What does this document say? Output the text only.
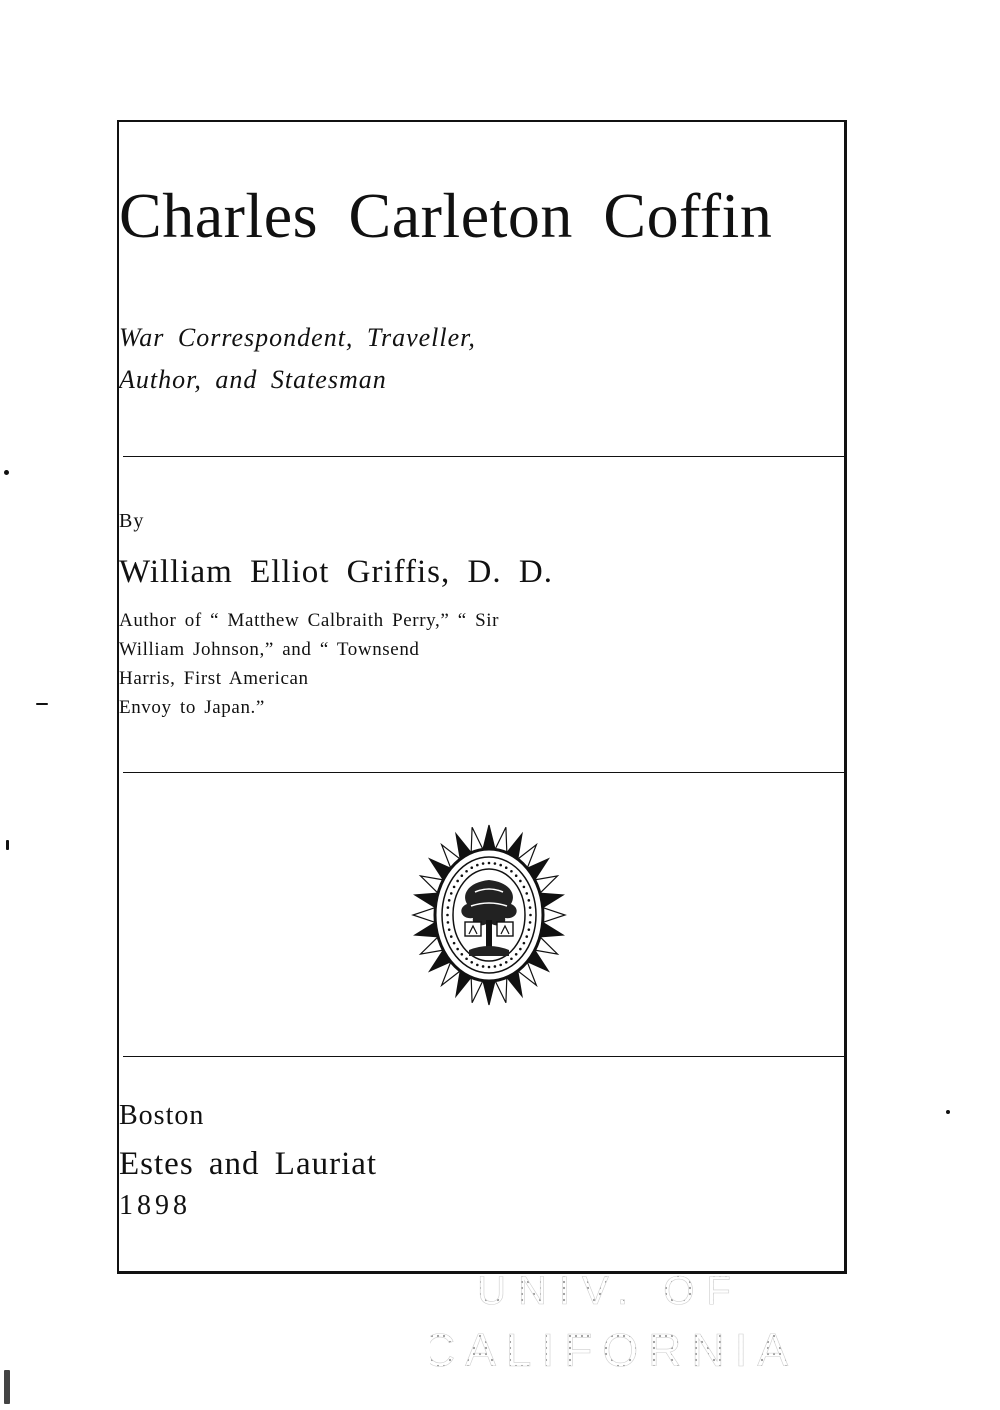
Charles Carleton Coffin
War Correspondent, Traveller,
Author, and Statesman
By
William Elliot Griffis, D. D.
Author of “ Matthew Calbraith Perry,” “ Sir
William Johnson,” and “ Townsend
Harris, First American
Envoy to Japan.”
Boston
Estes and Lauriat
1898
UNIV. OF
CALIFORNIA
